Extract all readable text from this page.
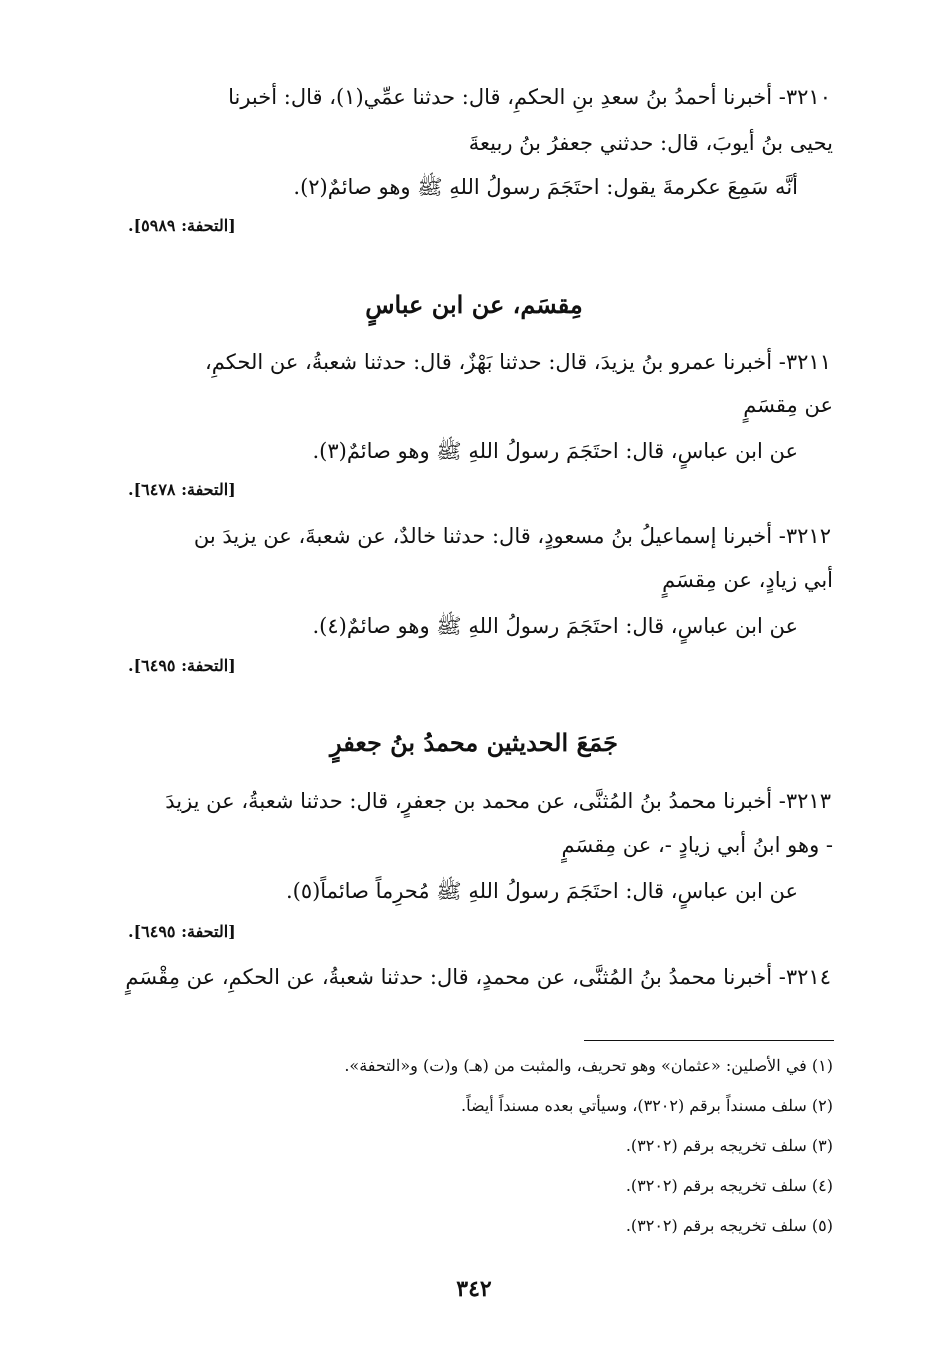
٣٢١٠- أخبرنا أحمدُ بنُ سعدِ بنِ الحكمِ، قال: حدثنا عمِّي(١)، قال: أخبرنا
يحيى بنُ أيوبَ، قال: حدثني جعفرُ بنُ ربيعةَ
أنَّه سَمِعَ عكرمةَ يقول: احتَجَمَ رسولُ اللهِ ﷺ وهو صائمٌ(٢).
[التحفة: ٥٩٨٩].
مِقسَم، عن ابن عباسٍ
٣٢١١- أخبرنا عمرو بنُ يزيدَ، قال: حدثنا بَهْزٌ، قال: حدثنا شعبةُ، عن الحكمِ،
عن مِقسَمٍ
عن ابن عباسٍ، قال: احتَجَمَ رسولُ اللهِ ﷺ وهو صائمٌ(٣).
[التحفة: ٦٤٧٨].
٣٢١٢- أخبرنا إسماعيلُ بنُ مسعودٍ، قال: حدثنا خالدٌ، عن شعبةَ، عن يزيدَ بن
أبي زيادٍ، عن مِقسَمٍ
عن ابن عباسٍ، قال: احتَجَمَ رسولُ اللهِ ﷺ وهو صائمٌ(٤).
[التحفة: ٦٤٩٥].
جَمَعَ الحديثين محمدُ بنُ جعفرٍ
٣٢١٣- أخبرنا محمدُ بنُ المُثنَّى، عن محمد بن جعفرٍ، قال: حدثنا شعبةُ، عن يزيدَ
- وهو ابنُ أبي زيادٍ -، عن مِقسَمٍ
عن ابن عباسٍ، قال: احتَجَمَ رسولُ اللهِ ﷺ مُحرِماً صائماً(٥).
[التحفة: ٦٤٩٥].
٣٢١٤- أخبرنا محمدُ بنُ المُثنَّى، عن محمدٍ، قال: حدثنا شعبةُ، عن الحكمِ، عن مِقْسَمٍ
(١) في الأصلين: «عثمان» وهو تحريف، والمثبت من (هـ) و(ت) و«التحفة».
(٢) سلف مسنداً برقم (٣٢٠٢)، وسيأتي بعده مسنداً أيضاً.
(٣) سلف تخريجه برقم (٣٢٠٢).
(٤) سلف تخريجه برقم (٣٢٠٢).
(٥) سلف تخريجه برقم (٣٢٠٢).
٣٤٢
